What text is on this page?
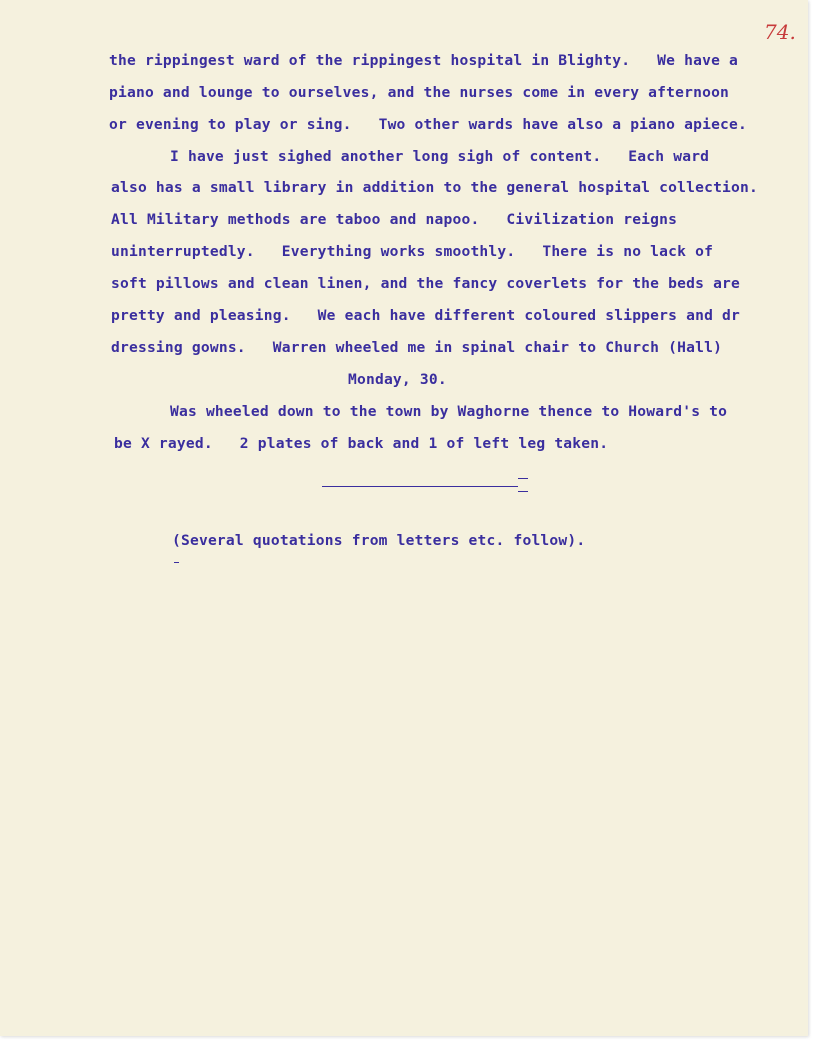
74.
the rippingest ward of the rippingest hospital in Blighty.   We have a
piano and lounge to ourselves, and the nurses come in every afternoon
or evening to play or sing.   Two other wards have also a piano apiece.
I have just sighed another long sigh of content.   Each ward
also has a small library in addition to the general hospital collection.
All Military methods are taboo and napoo.   Civilization reigns
uninterruptedly.   Everything works smoothly.   There is no lack of
soft pillows and clean linen, and the fancy coverlets for the beds are
pretty and pleasing.   We each have different coloured slippers and dr
dressing gowns.   Warren wheeled me in spinal chair to Church (Hall)
Monday, 30.
Was wheeled down to the town by Waghorne thence to Howard's to
be X rayed.   2 plates of back and 1 of left leg taken.
(Several quotations from letters etc. follow).
